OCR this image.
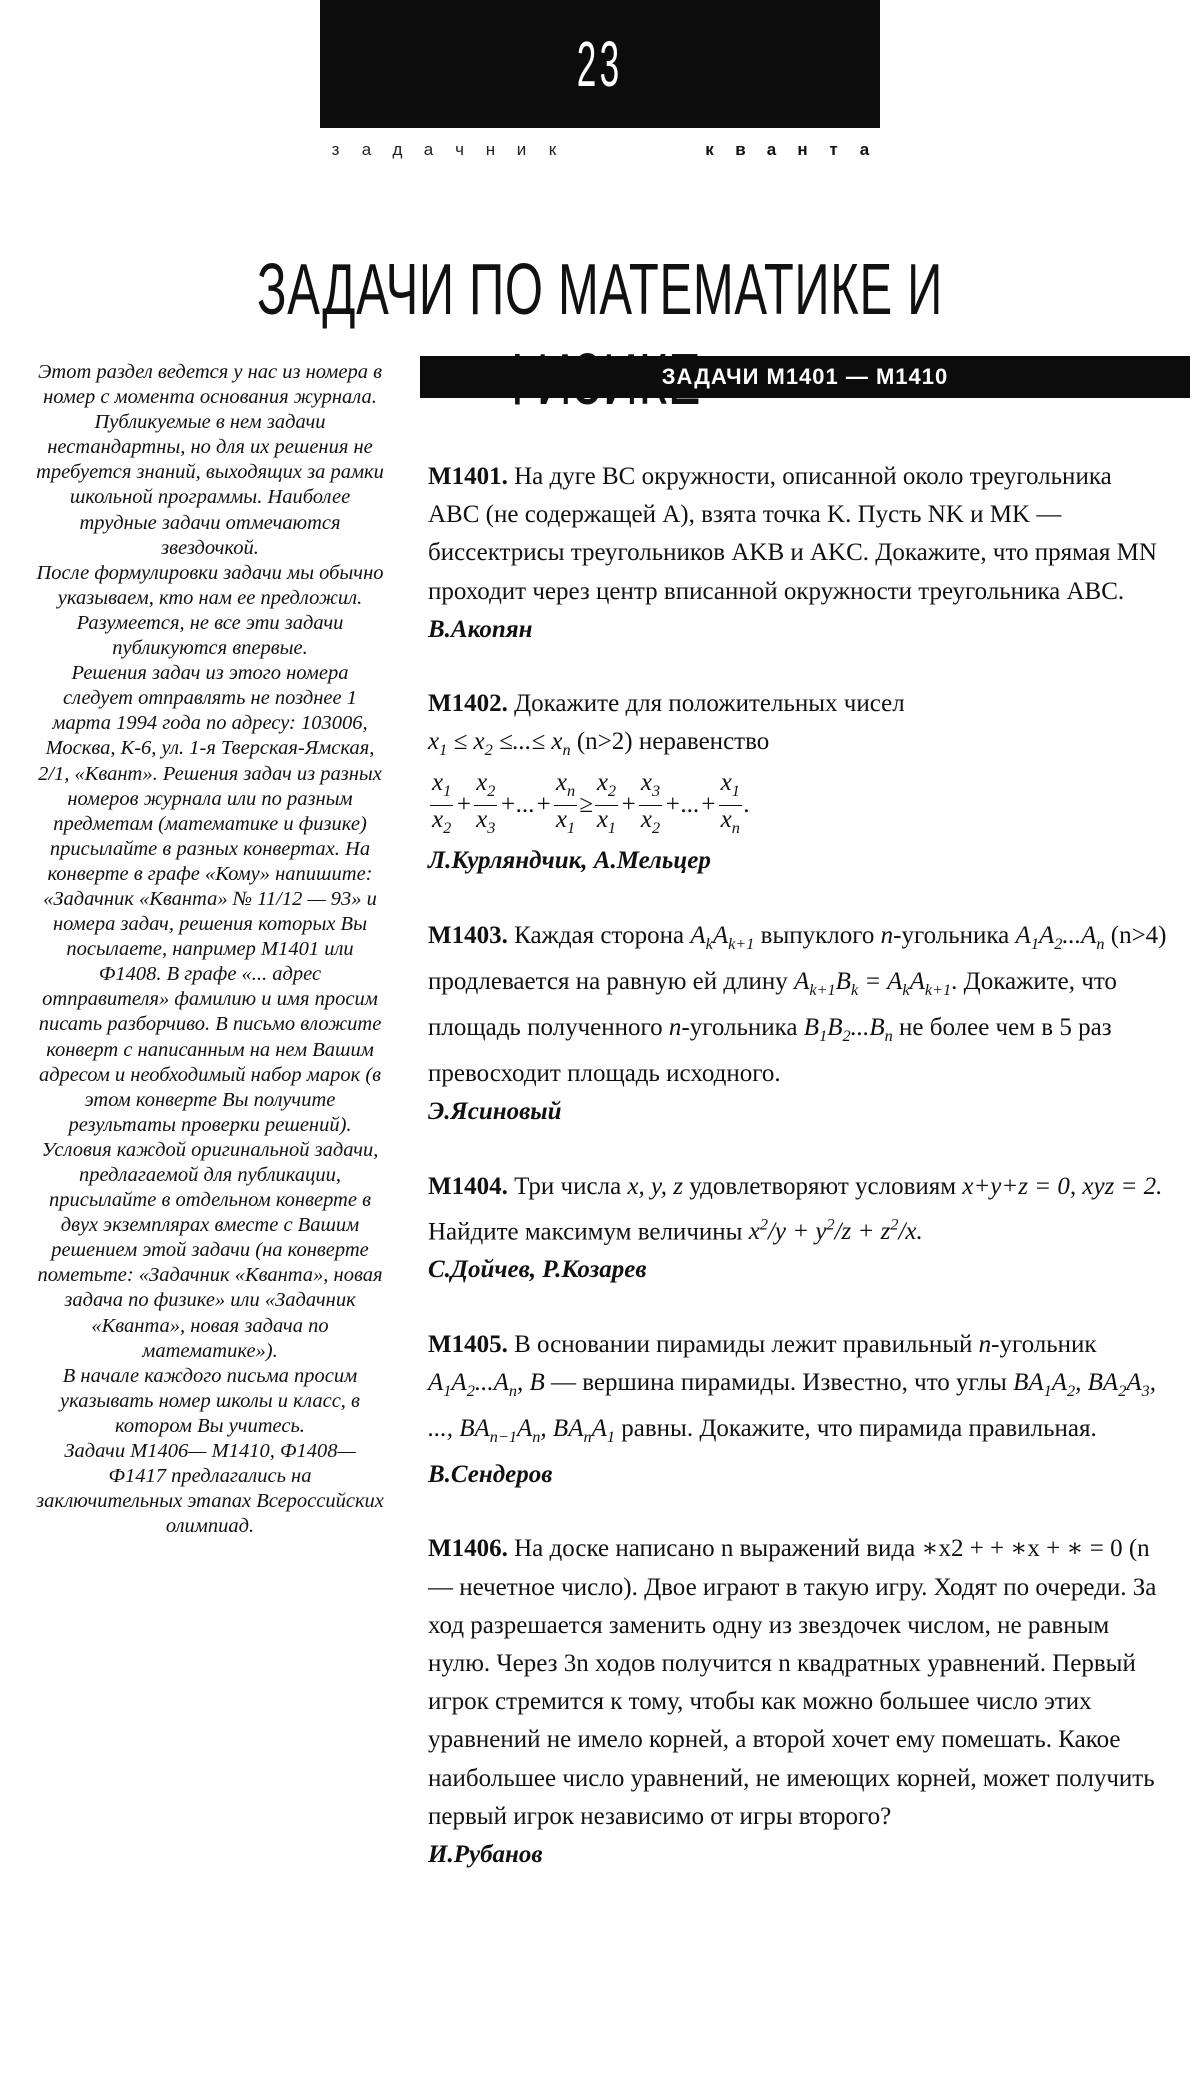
23
з	а	д	а	ч	н	и	к	к	в	а	н	т	а
ЗАДАЧИ ПО МАТЕМАТИКЕ И

Этот раздел ведется у нас из номера в номер с момента основания журнала. Публикуемые в нем задачи нестандартны, но для их решения не требуется знаний, выходящих за рамки школьной программы. Наиболее трудные задачи отмечаются звездочкой.

После формулировки задачи мы обычно указываем, кто нам ее предложил. Разумеется, не все эти задачи публикуются впервые.

Решения задач из этого номера следует отправлять не позднее 1 марта 1994 года по адресу: 103006, Москва, К-6, ул. 1-я Тверская-Ямская, 2/1, «Квант». Решения задач из разных номеров журнала или по разным предметам (математике и физике) присылайте в разных конвертах. На конверте в графе «Кому» напишите: «Задачник «Кванта» № 11/12 — 93» и номера задач, решения которых Вы посылаете, например М1401 или Ф1408. В графе «... адрес отправителя» фамилию и имя просим писать разборчиво. В письмо вложите конверт с написанным на нем Вашим адресом и необходимый набор марок (в этом конверте Вы получите результаты проверки решений).

Условия каждой оригинальной задачи, предлагаемой для публикации, присылайте в отдельном конверте в двух экземплярах вместе с Вашим решением этой задачи (на конверте пометьте: «Задачник «Кванта», новая задача по физике» или «Задачник «Кванта», новая задача по математике»).

В начале каждого письма просим указывать номер школы и класс, в котором Вы учитесь.

Задачи М1406— М1410, Ф1408—Ф1417 предлагались на заключительных этапах Всероссийских олимпиад.

ЗАДАЧИ М1401 — М1410
М1401. На дуге BC окружности, описанной около треугольника ABC (не содержащей A), взята точка K. Пусть NK и MK — биссектрисы треугольников AKB и AKC. Докажите, что прямая MN проходит через центр вписанной окружности треугольника ABC.
В.Акопян
М1402. Докажите для положительных чисел
$x_1 \le x_2$ ≤...≤ $x_n$ (n>2) неравенство

$\frac{x_1}{x_2} + \frac{x_2}{x_3}$ +...+ $\frac{x_n}{x_1} \ge \frac{x_2}{x_1} + \frac{x_3}{x_2}$ +...+ $\frac{x_1}{x_n}$ .
Л.Курляндчик, А.Мельцер
М1403. Каждая сторона $A_kA_{k+1}$ выпуклого n-угольника $A_1A_2...A_n$ (n>4) продлевается на равную ей длину $A_{k+1}B_k = A_kA_{k+1}$. Докажите, что площадь полученного n-угольника $B_1B_2...B_n$ не более чем в 5 раз превосходит площадь исходного.
Э.Ясиновый
М1404. Три числа x, y, z удовлетворяют условиям x+y+z = 0, xyz = 2. Найдите максимум величины $x^2/y + y^2/z + z^2/x$.
С.Дойчев, Р.Козарев
М1405. В основании пирамиды лежит правильный n-угольник $A_1A_2...A_n$, B — вершина пирамиды. Известно, что углы $BA_1A_2$, $BA_2A_3$, ..., $BA_{n-1}A_n$, $BA_nA_1$ равны. Докажите, что пирамида правильная.
В.Сендеров
М1406. На доске написано n выражений вида ∗x2 + + ∗x + ∗ = 0 (n — нечетное число). Двое играют в такую игру. Ходят по очереди. За ход разрешается заменить одну из звездочек числом, не равным нулю. Через 3n ходов получится n квадратных уравнений. Первый игрок стремится к тому, чтобы как можно большее число этих уравнений не имело корней, а второй хочет ему помешать. Какое наибольшее число уравнений, не имеющих корней, может получить первый игрок независимо от игры второго?
И.Рубанов
